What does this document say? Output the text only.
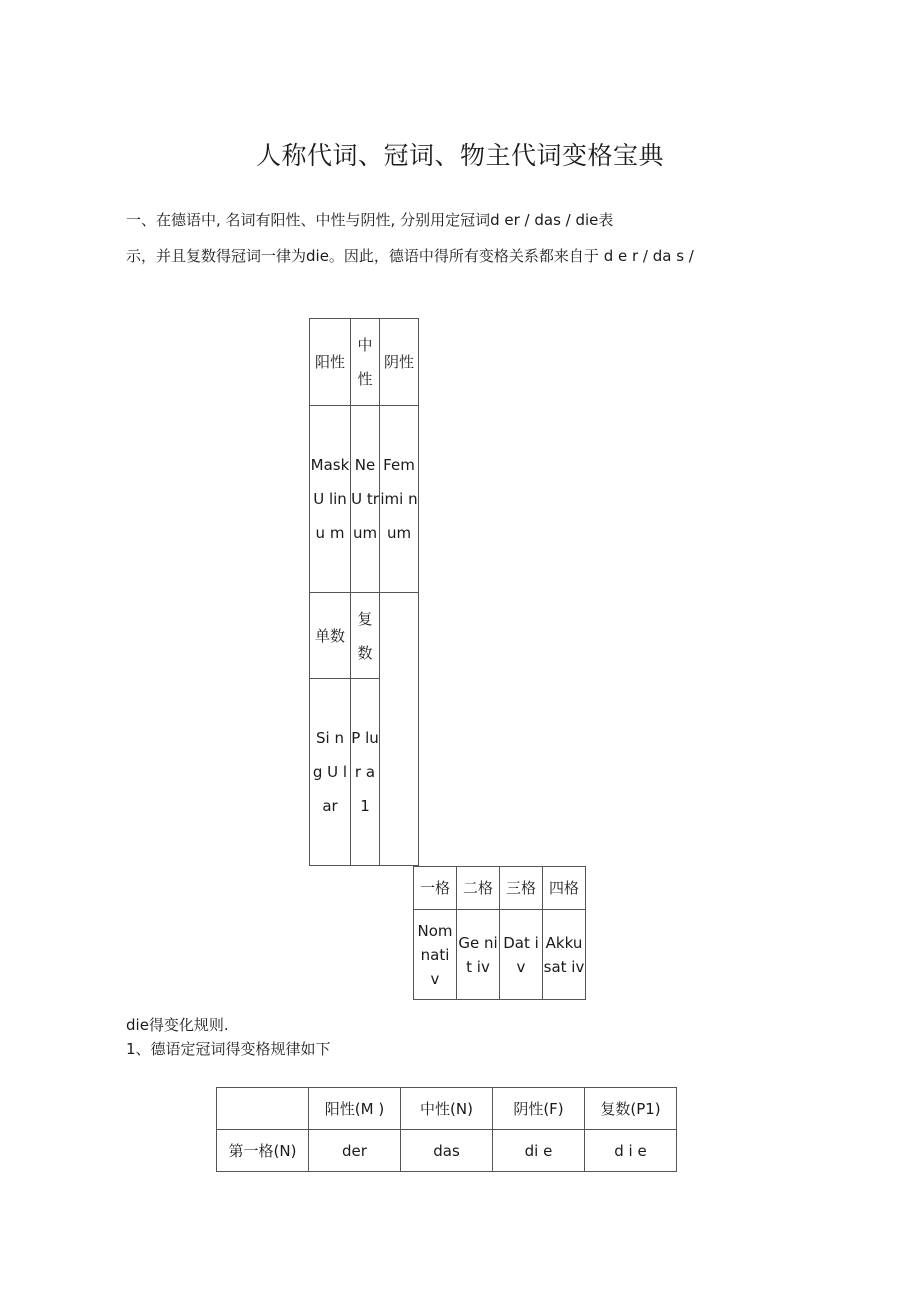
人称代词、冠词、物主代词变格宝典
一、在德语中, 名词有阳性、中性与阴性, 分别用定冠词d er / das / die表
示，并且复数得冠词一律为die。因此，德语中得所有变格关系都来自于 d e r / da s /
阳性	中性	阴性

Mask U linu m	Ne U tr um	Fem imi num

单数	复数	

Si n g U lar	P lu r a 1	
一格	二格	三格	四格

Nom nati v	Ge nit iv	Dat i v	Akku sat iv
die得变化规则.
1、德语定冠词得变格规律如下
	阳性(M )	中性(N)	阴性(F)	复数(P1)
第一格(N)	der	das	di e	d i e
